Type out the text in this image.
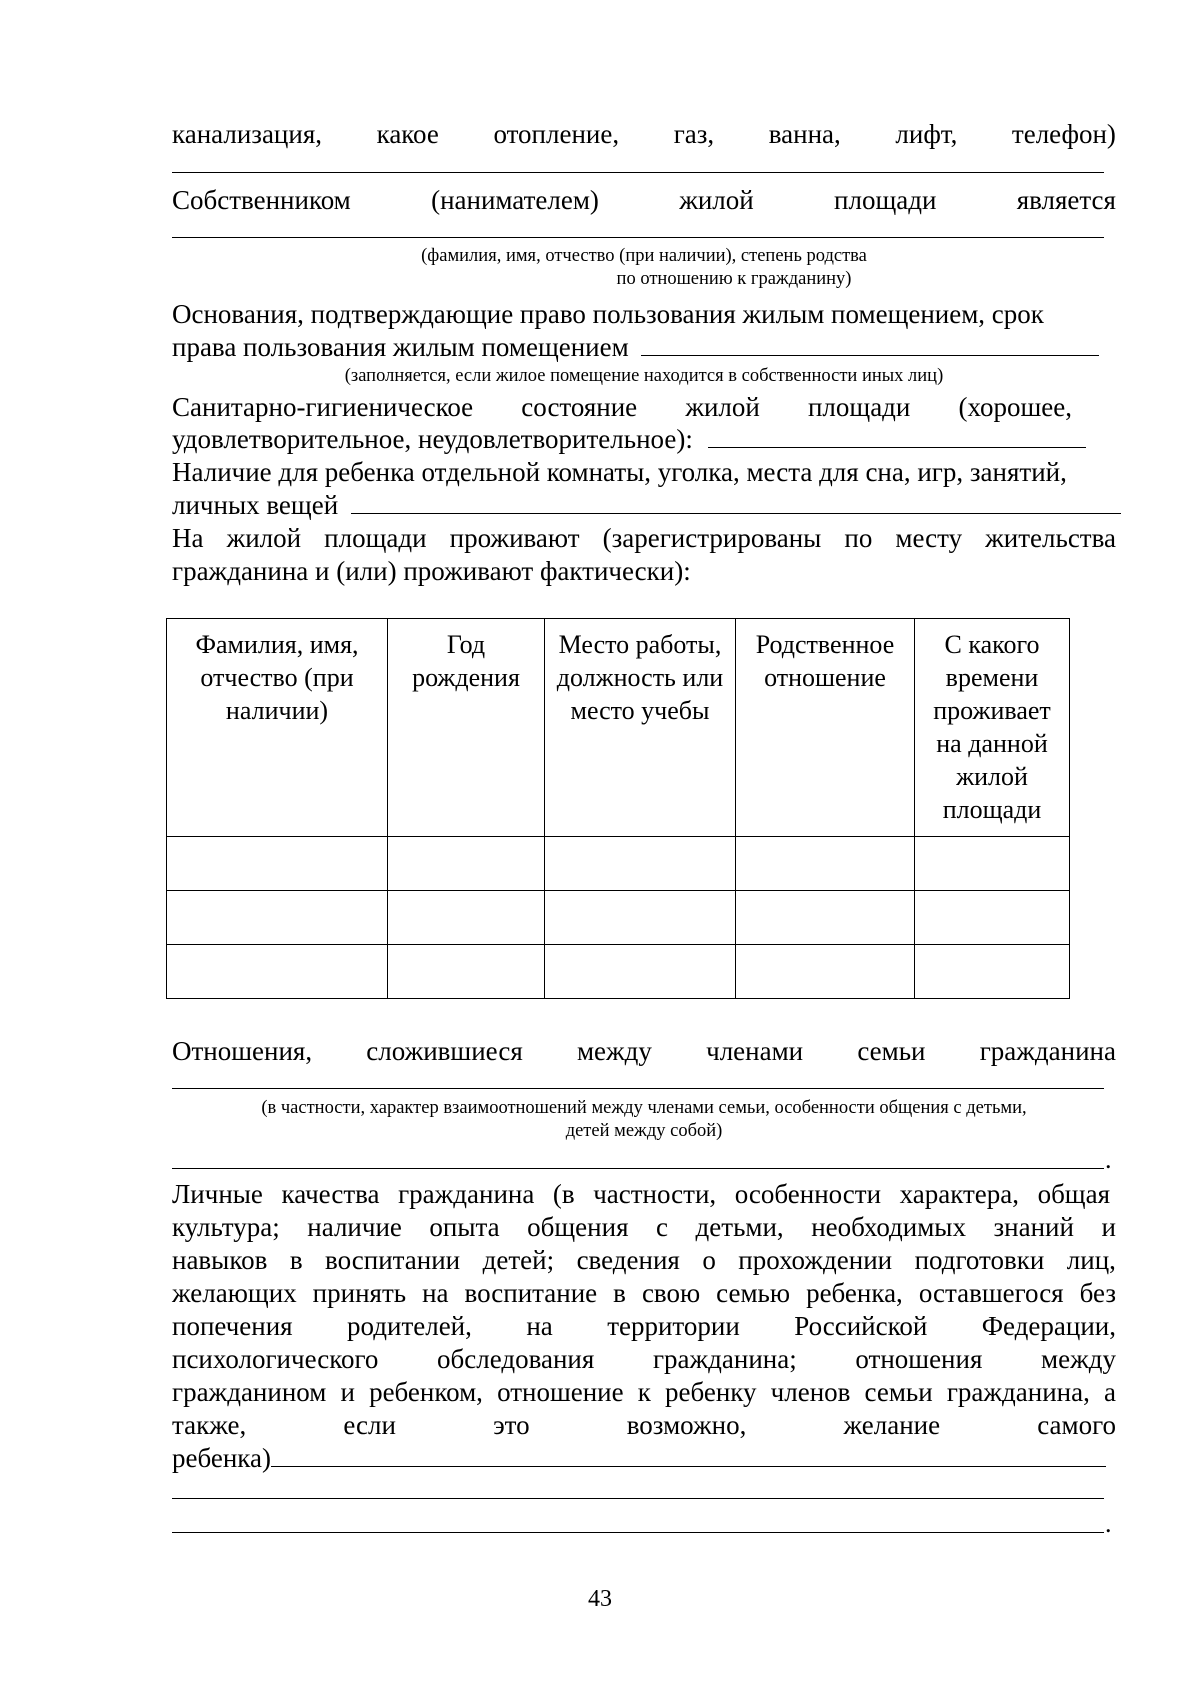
канализация, какое отопление, газ, ванна, лифт, телефон)
Собственником	(нанимателем)	жилой	площади	является
(фамилия, имя, отчество (при наличии), степень родства
по отношению к гражданину)
Основания, подтверждающие право пользования жилым помещением, срок
права пользования жилым помещением
(заполняется, если жилое помещение находится в собственности иных лиц)
Санитарно-гигиеническое состояние жилой площади (хорошее,
удовлетворительное, неудовлетворительное):
Наличие для ребенка отдельной комнаты, уголка, места для сна, игр, занятий,
личных вещей
На жилой площади проживают (зарегистрированы по месту жительства
гражданина и (или) проживают фактически):
Фамилия, имя, отчество (при наличии)	Год рождения	Место работы, должность или место учебы	Родственное отношение	С какого времени проживает на данной жилой площади

Отношения, сложившиеся между членами семьи гражданина
(в частности, характер взаимоотношений между членами семьи, особенности общения с детьми,
детей между собой)
.
Личные качества гражданина (в частности, особенности характера, общая
культура; наличие опыта общения с детьми, необходимых знаний и
навыков в воспитании детей; сведения о прохождении подготовки лиц,
желающих принять на воспитание в свою семью ребенка, оставшегося без
попечения родителей, на территории Российской Федерации,
психологического обследования гражданина; отношения между
гражданином и ребенком, отношение к ребенку членов семьи гражданина, а
также,	если	это	возможно,	желание	самого
ребенка)
.
43
